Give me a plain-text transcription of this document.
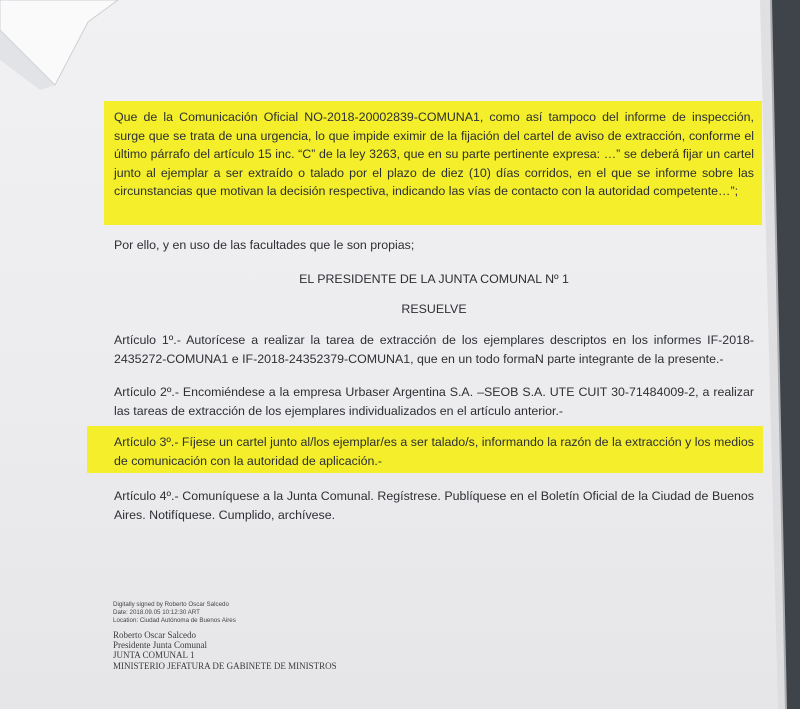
Que de la Comunicación Oficial NO-2018-20002839-COMUNA1, como así tampoco del informe de inspección, surge que se trata de una urgencia, lo que impide eximir de la fijación del cartel de aviso de extracción, conforme el último párrafo del artículo 15 inc. “C” de la ley 3263, que en su parte pertinente expresa: …” se deberá fijar un cartel junto al ejemplar a ser extraído o talado por el plazo de diez (10) días corridos, en el que se informe sobre las circunstancias que motivan la decisión respectiva, indicando las vías de contacto con la autoridad competente…”;
Por ello, y en uso de las facultades que le son propias;
EL PRESIDENTE DE LA JUNTA COMUNAL Nº 1
RESUELVE
Artículo 1º.- Autorícese a realizar la tarea de extracción de los ejemplares descriptos en los informes IF-2018-2435272-COMUNA1 e IF-2018-24352379-COMUNA1, que en un todo formaN parte integrante de la presente.-
Artículo 2º.- Encomiéndese a la empresa Urbaser Argentina S.A. –SEOB S.A. UTE CUIT 30-71484009-2, a realizar las tareas de extracción de los ejemplares individualizados en el artículo anterior.-
Artículo 3º.- Fíjese un cartel junto al/los ejemplar/es a ser talado/s, informando la razón de la extracción y los medios de comunicación con la autoridad de aplicación.-
Artículo 4º.- Comuníquese a la Junta Comunal. Regístrese. Publíquese en el Boletín Oficial de la Ciudad de Buenos Aires. Notifíquese. Cumplido, archívese.
Digitally signed by Roberto Oscar Salcedo
Date: 2018.09.05 10:12:30 ART
Location: Ciudad Autónoma de Buenos Aires
Roberto Oscar Salcedo
Presidente Junta Comunal
JUNTA COMUNAL 1
MINISTERIO JEFATURA DE GABINETE DE MINISTROS
